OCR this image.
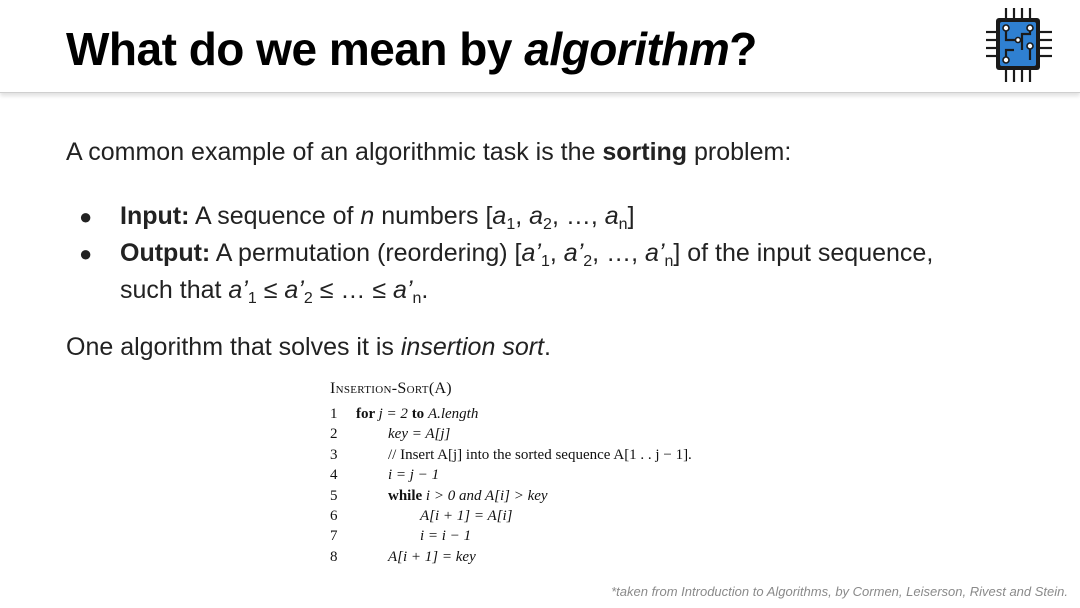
What do we mean by algorithm?
A common example of an algorithmic task is the sorting problem:
● Input: A sequence of n numbers [$a_1$, $a_2$, …, $a_n$]
● Output: A permutation (reordering) [$a’_1$, $a’_2$, …, $a’_n$] of the input sequence,
such that $a’_1$ ≤ $a’_2$ ≤ … ≤ $a’_n$.
One algorithm that solves it is insertion sort.
Insertion-Sort(A)
1 for j = 2 to A.length
2	key = A[j]
3	// Insert A[j] into the sorted sequence A[1 . . j − 1].
4	i = j − 1
5	while i > 0 and A[i] > key
6	A[i + 1] = A[i]
7	i = i − 1
8	A[i + 1] = key
*taken from Introduction to Algorithms, by Cormen, Leiserson, Rivest and Stein.
